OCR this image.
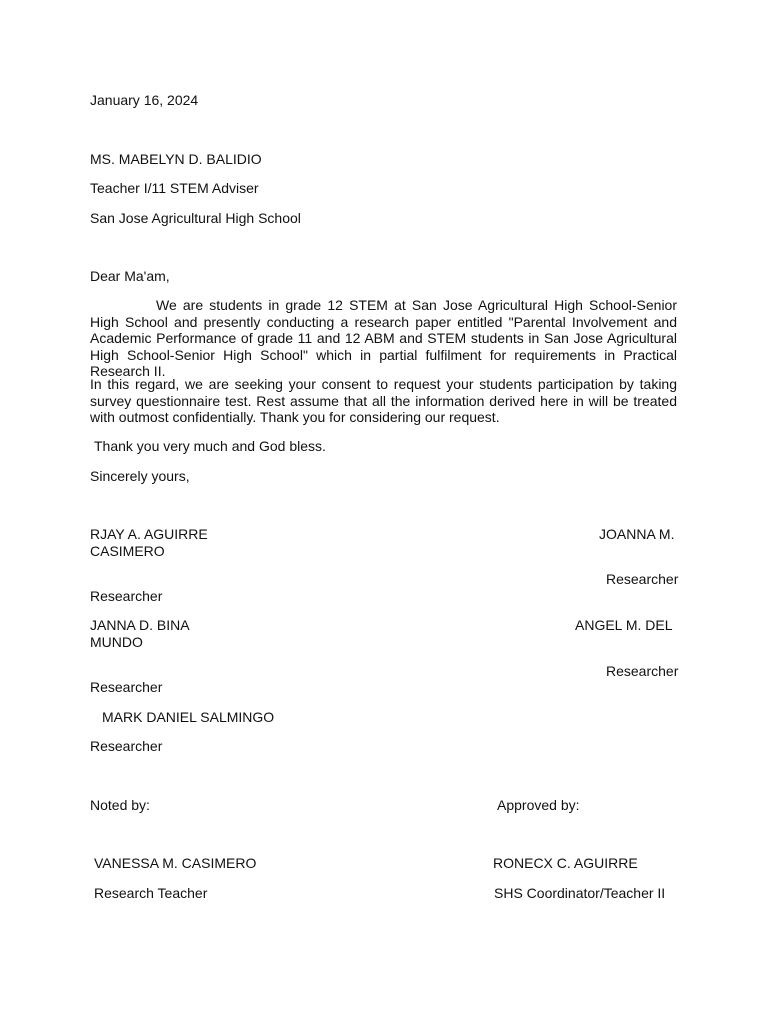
January 16, 2024
MS. MABELYN D. BALIDIO
Teacher I/11 STEM Adviser
San Jose Agricultural High School
Dear Ma'am,
We are students in grade 12 STEM at San Jose Agricultural High School-Senior High School and presently conducting a research paper entitled "Parental Involvement and Academic Performance of grade 11 and 12 ABM and STEM students in San Jose Agricultural High School-Senior High School" which in partial fulfilment for requirements in Practical Research II.
In this regard, we are seeking your consent to request your students participation by taking survey questionnaire test. Rest assume that all the information derived here in will be treated with outmost confidentially. Thank you for considering our request.
Thank you very much and God bless.
Sincerely yours,
RJAY A. AGUIRRE	JOANNA M.
CASIMERO
Researcher
Researcher
JANNA D. BINA	ANGEL M. DEL
MUNDO
Researcher
Researcher
MARK DANIEL SALMINGO
Researcher
Noted by:	Approved by:
VANESSA M. CASIMERO	RONECX C. AGUIRRE
Research Teacher	SHS Coordinator/Teacher II
